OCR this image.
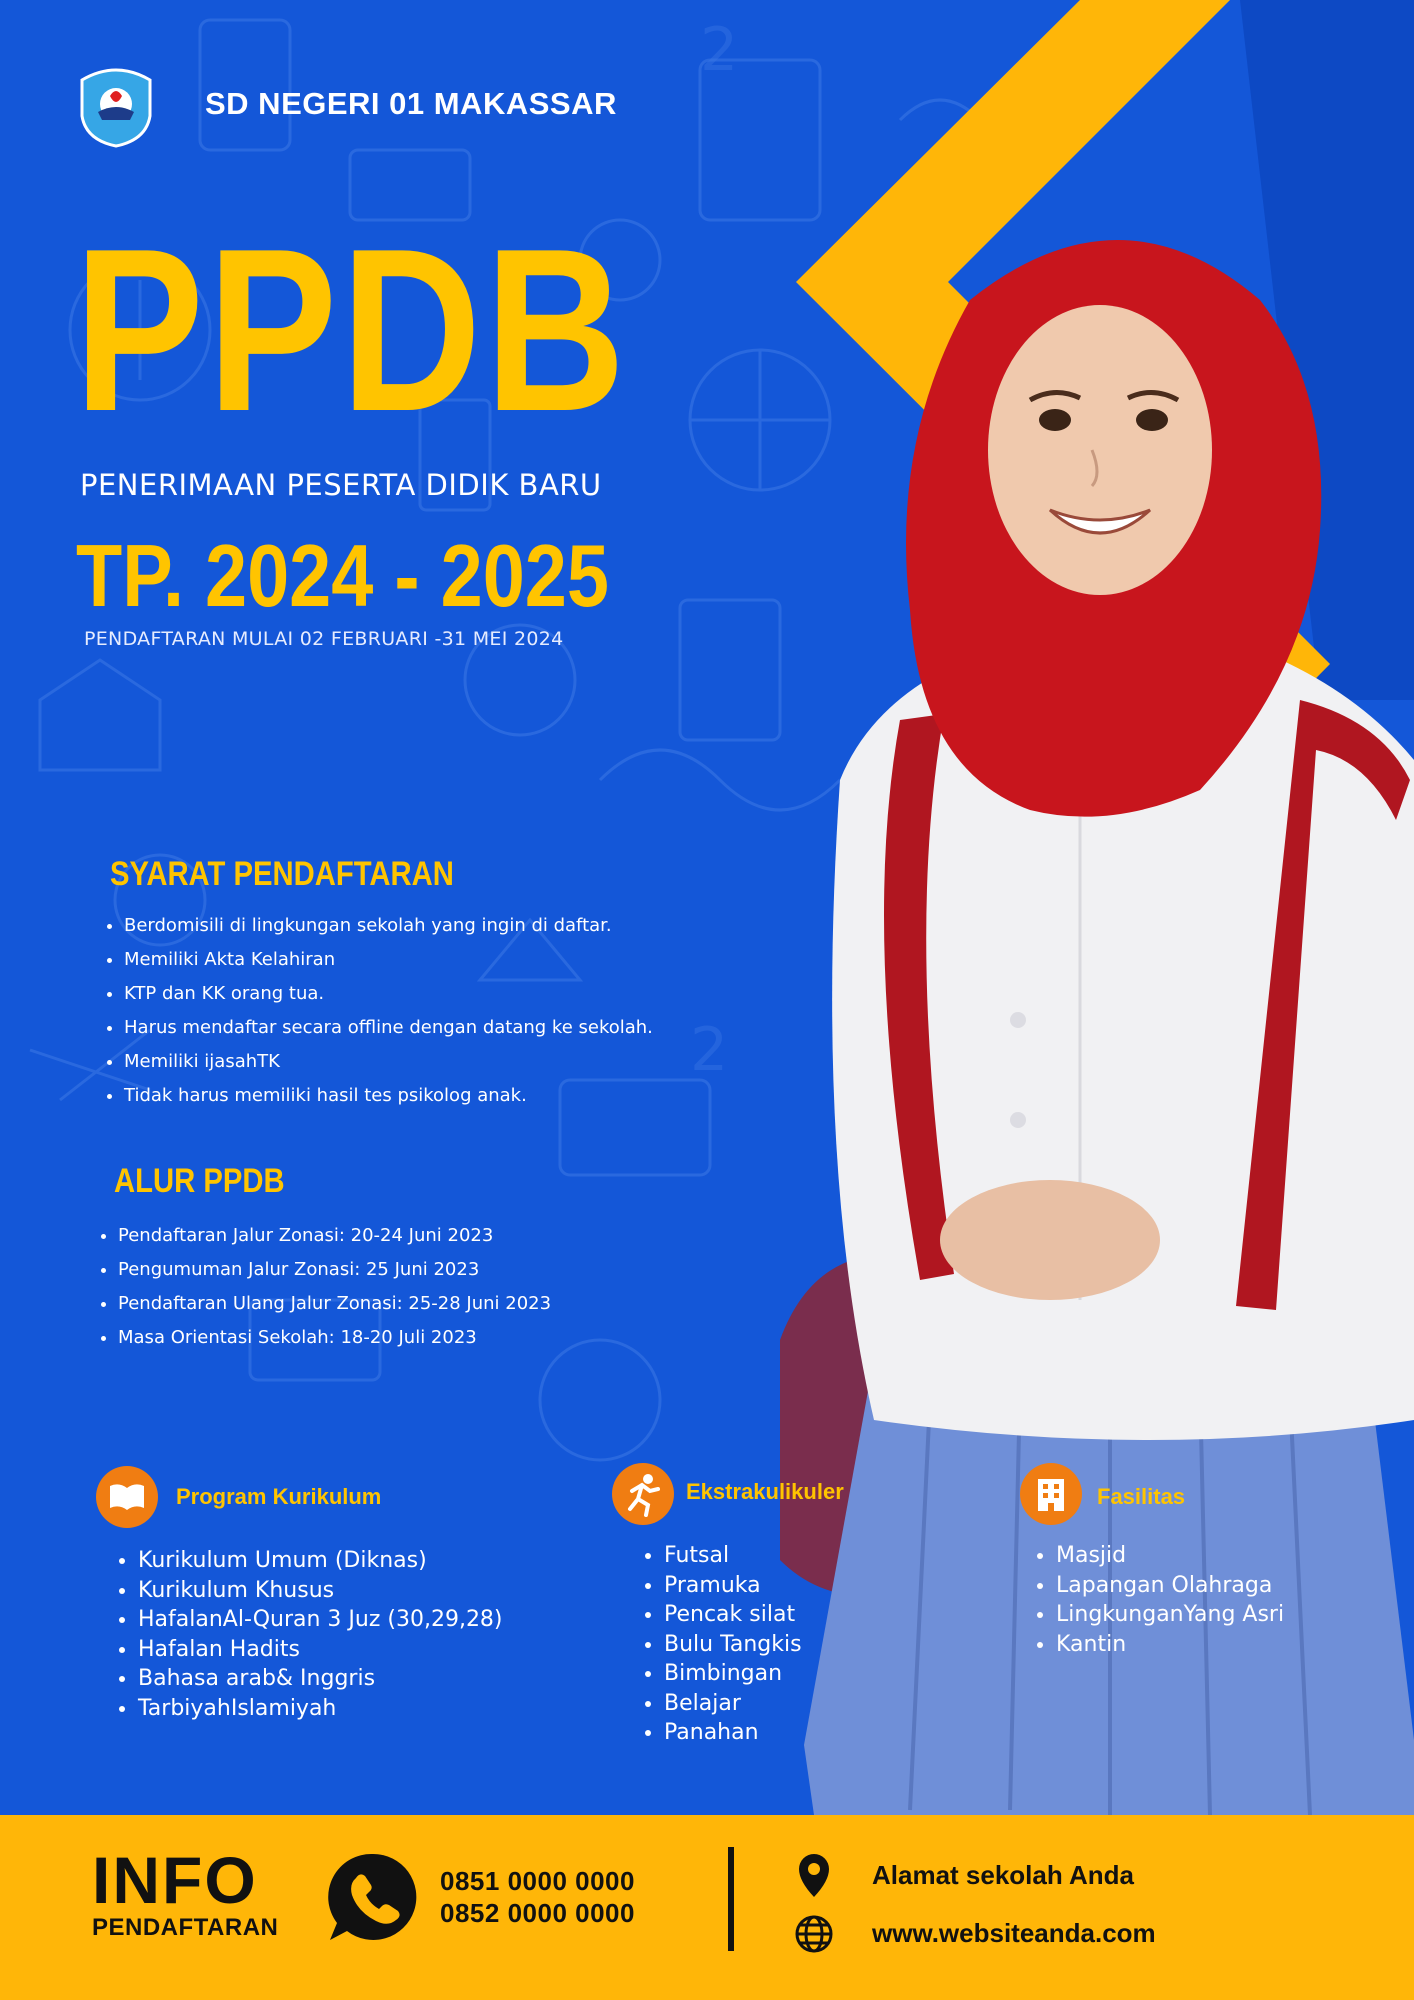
2
2
SD NEGERI 01 MAKASSAR
PPDB
PENERIMAAN PESERTA DIDIK BARU
TP. 2024 - 2025
PENDAFTARAN MULAI 02 FEBRUARI -31 MEI 2024
SYARAT PENDAFTARAN
• Berdomisili di lingkungan sekolah yang ingin di daftar.
• Memiliki Akta Kelahiran
• KTP dan KK orang tua.
• Harus mendaftar secara offline dengan datang ke sekolah.
• Memiliki ijasahTK
• Tidak harus memiliki hasil tes psikolog anak.
ALUR PPDB
• Pendaftaran Jalur Zonasi: 20-24 Juni 2023
• Pengumuman Jalur Zonasi: 25 Juni 2023
• Pendaftaran Ulang Jalur Zonasi: 25-28 Juni 2023
• Masa Orientasi Sekolah: 18-20 Juli 2023
Program Kurikulum
• Kurikulum Umum (Diknas)
• Kurikulum Khusus
• HafalanAl-Quran 3 Juz (30,29,28)
• Hafalan Hadits
• Bahasa arab& Inggris
• TarbiyahIslamiyah
Ekstrakulikuler
• Futsal
• Pramuka
• Pencak silat
• Bulu Tangkis
• Bimbingan
• Belajar
• Panahan
Fasilitas
• Masjid
• Lapangan Olahraga
• LingkunganYang Asri
• Kantin
INFO
PENDAFTARAN
0851 0000 0000
0852 0000 0000
Alamat sekolah Anda
www.websiteanda.com
